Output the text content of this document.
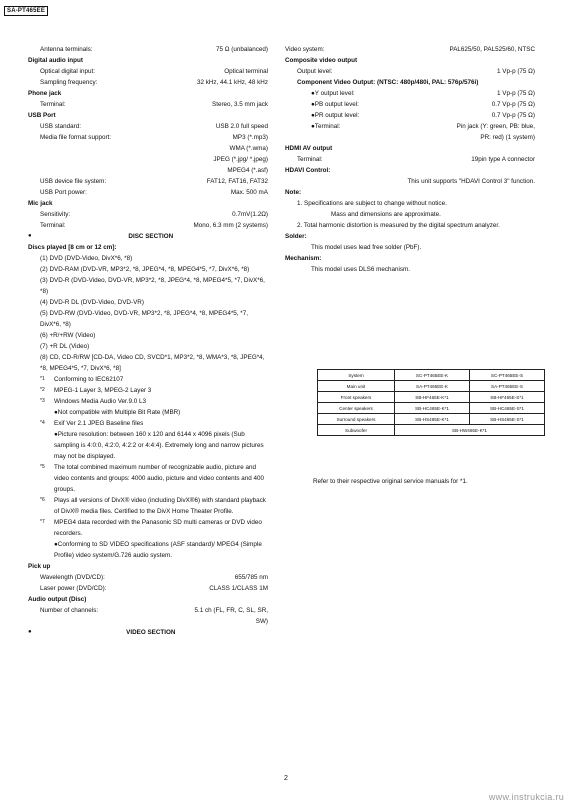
SA-PT465EE
Antenna terminals:	75 Ω (unbalanced)
Digital audio input
Optical digital input:	Optical terminal
Sampling frequency:	32 kHz, 44.1 kHz, 48 kHz
Phone jack
Terminal:	Stereo, 3.5 mm jack
USB Port
USB standard:	USB 2.0 full speed
Media file format support:	MP3 (*.mp3)
WMA (*.wma)
JPEG (*.jpg/ *.jpeg)
MPEG4 (*.asf)
USB device file system:	FAT12, FAT16, FAT32
USB Port power:	Max. 500 mA
Mic jack
Sensitivity:	0.7mV(1.2Ω)
Terminal:	Mono, 6.3 mm (2 systems)
● DISC SECTION
Discs played [8 cm or 12 cm]:
(1) DVD (DVD-Video, DivX*6, *8)
(2) DVD-RAM (DVD-VR, MP3*2, *8, JPEG*4, *8, MPEG4*5, *7, DivX*6, *8)
(3) DVD-R (DVD-Video, DVD-VR, MP3*2, *8, JPEG*4, *8, MPEG4*5, *7, DivX*6, *8)
(4) DVD-R DL (DVD-Video, DVD-VR)
(5) DVD-RW (DVD-Video, DVD-VR, MP3*2, *8, JPEG*4, *8, MPEG4*5, *7, DivX*6, *8)
(6) +R/+RW (Video)
(7) +R DL (Video)
(8) CD, CD-R/RW [CD-DA, Video CD, SVCD*1, MP3*2, *8, WMA*3, *8, JPEG*4, *8, MPEG4*5, *7, DivX*6, *8]
*1	Conforming to IEC62107
*2	MPEG-1 Layer 3, MPEG-2 Layer 3
*3	Windows Media Audio Ver.9.0 L3
●Not compatible with Multiple Bit Rate (MBR)
*4	Exif Ver 2.1 JPEG Baseline files
●Picture resolution: between 160 x 120 and 6144 x 4096 pixels (Sub sampling is 4:0:0, 4:2:0, 4:2:2 or 4:4:4). Extremely long and narrow pictures may not be displayed.
*5	The total combined maximum number of recognizable audio, picture and video contents and groups: 4000 audio, picture and video contents and 400 groups.
*6	Plays all versions of DivX® video (including DivX®6) with standard playback of DivX® media files. Certified to the DivX Home Theater Profile.
*7	MPEG4 data recorded with the Panasonic SD multi cameras or DVD video recorders.
●Conforming to SD VIDEO specifications (ASF standard)/ MPEG4 (Simple Profile) video system/G.726 audio system.
Pick up
Wavelength (DVD/CD):	655/785 nm
Laser power (DVD/CD):	CLASS 1/CLASS 1M
Audio output (Disc)
Number of channels:	5.1 ch (FL, FR, C, SL, SR,
SW)
● VIDEO SECTION
Video system:	PAL625/50, PAL525/60, NTSC
Composite video output
Output level:	1 Vp-p (75 Ω)
Component Video Output: (NTSC: 480p/480i, PAL: 576p/576i)
●Y output level:	1 Vp-p (75 Ω)
●PB output level:	0.7 Vp-p (75 Ω)
●PR output level:	0.7 Vp-p (75 Ω)
●Terminal:	Pin jack (Y: green, PB: blue,
PR: red) (1 system)
HDMI AV output
Terminal:	19pin type A connector
HDAVI Control:
This unit supports "HDAVI Control 3" function.
Note:
1. Specifications are subject to change without notice.
Mass and dimensions are approximate.
2. Total harmonic distortion is measured by the digital spectrum analyzer.
Solder:
This model uses lead free solder (PbF).
Mechanism:
This model uses DLS6 mechanism.
System	SC-PT465EE-K	SC-PT465EE-S
Main unit	SA-PT465EE-K	SA-PT465EE-S
Front speakers	SB-HF465E-K*1	SB-HF465E-S*1
Center speakers	SB-HC465E-K*1	SB-HC465E-S*1
Surround speakers	SB-HS465E-K*1	SB-HS465E-S*1
Subwoofer	SB-HW465E-K*1	
Refer to their respective original service manuals for *1.
2
www.instrukcia.ru
